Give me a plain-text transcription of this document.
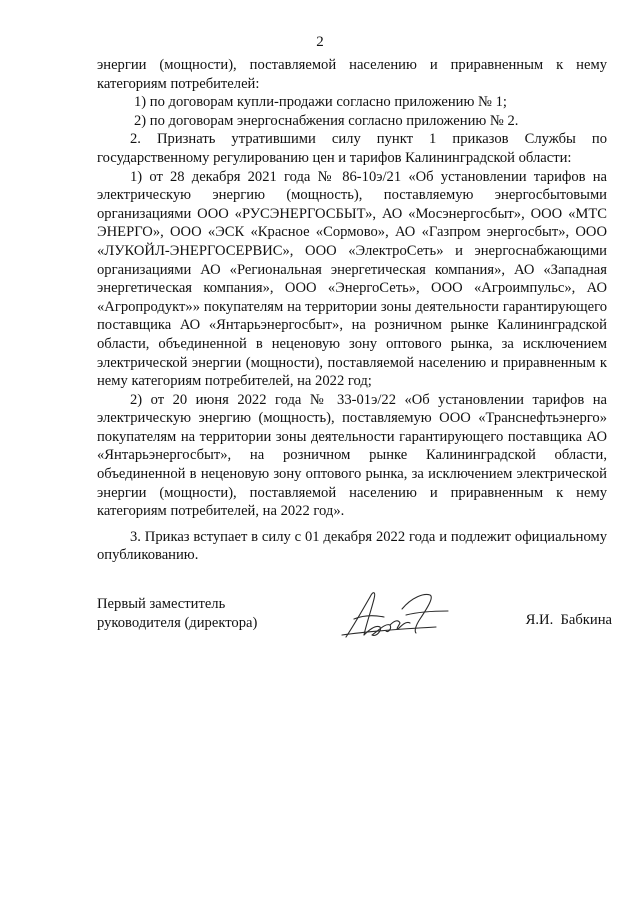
2

энергии (мощности), поставляемой населению и приравненным к нему категориям потребителей:

1) по договорам купли-продажи согласно приложению № 1;

2) по договорам энергоснабжения согласно приложению № 2.

2. Признать утратившими силу пункт 1 приказов Службы по государственному регулированию цен и тарифов Калининградской области:

1) от 28 декабря 2021 года № 86-10э/21 «Об установлении тарифов на электрическую энергию (мощность), поставляемую энергосбытовыми организациями ООО «РУСЭНЕРГОСБЫТ», АО «Мосэнергосбыт», ООО «МТС ЭНЕРГО», ООО «ЭСК «Красное «Сормово», АО «Газпром энергосбыт», ООО «ЛУКОЙЛ-ЭНЕРГОСЕРВИС», ООО «ЭлектроСеть» и энергоснабжающими организациями АО «Региональная энергетическая компания», АО «Западная энергетическая компания», ООО «ЭнергоСеть», ООО «Агроимпульс», АО «Агропродукт»» покупателям на территории зоны деятельности гарантирующего поставщика АО «Янтарьэнергосбыт», на розничном рынке Калининградской области, объединенной в неценовую зону оптового рынка, за исключением электрической энергии (мощности), поставляемой населению и приравненным к нему категориям потребителей, на 2022 год;

2) от 20 июня 2022 года № 33-01э/22 «Об установлении тарифов на электрическую энергию (мощность), поставляемую ООО «Транснефтьэнерго» покупателям на территории зоны деятельности гарантирующего поставщика АО «Янтарьэнергосбыт», на розничном рынке Калининградской области, объединенной в неценовую зону оптового рынка, за исключением электрической энергии (мощности), поставляемой населению и приравненным к нему категориям потребителей, на 2022 год».

3. Приказ вступает в силу с 01 декабря 2022 года и подлежит официальному опубликованию.

Первый заместитель
руководителя (директора)	Я.И.  Бабкина
